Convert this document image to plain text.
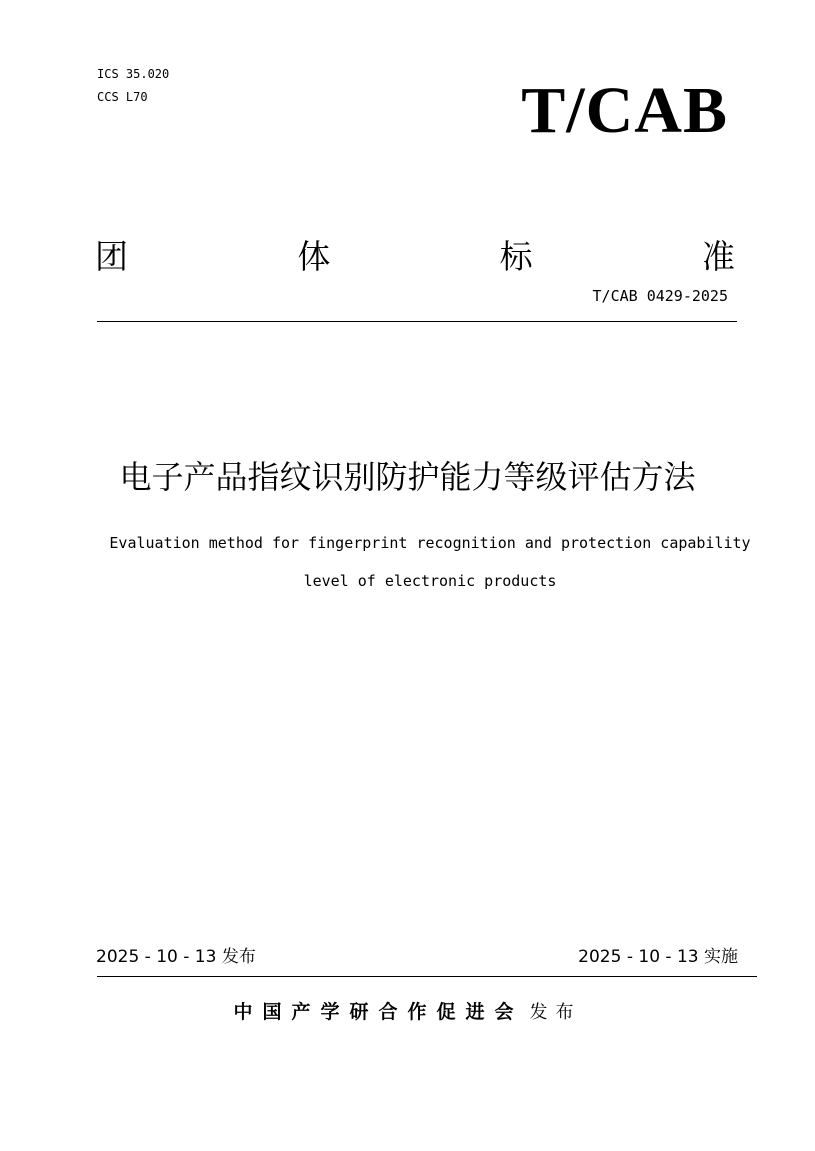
ICS 35.020
CCS L70	T/CAB
团	体	标	准
T/CAB 0429-2025
电子产品指纹识别防护能力等级评估方法
Evaluation method for fingerprint recognition and protection capability
level of electronic products
2025 - 10 - 13 发布	2025 - 10 - 13 实施
中国产学研合作促进会 发布
